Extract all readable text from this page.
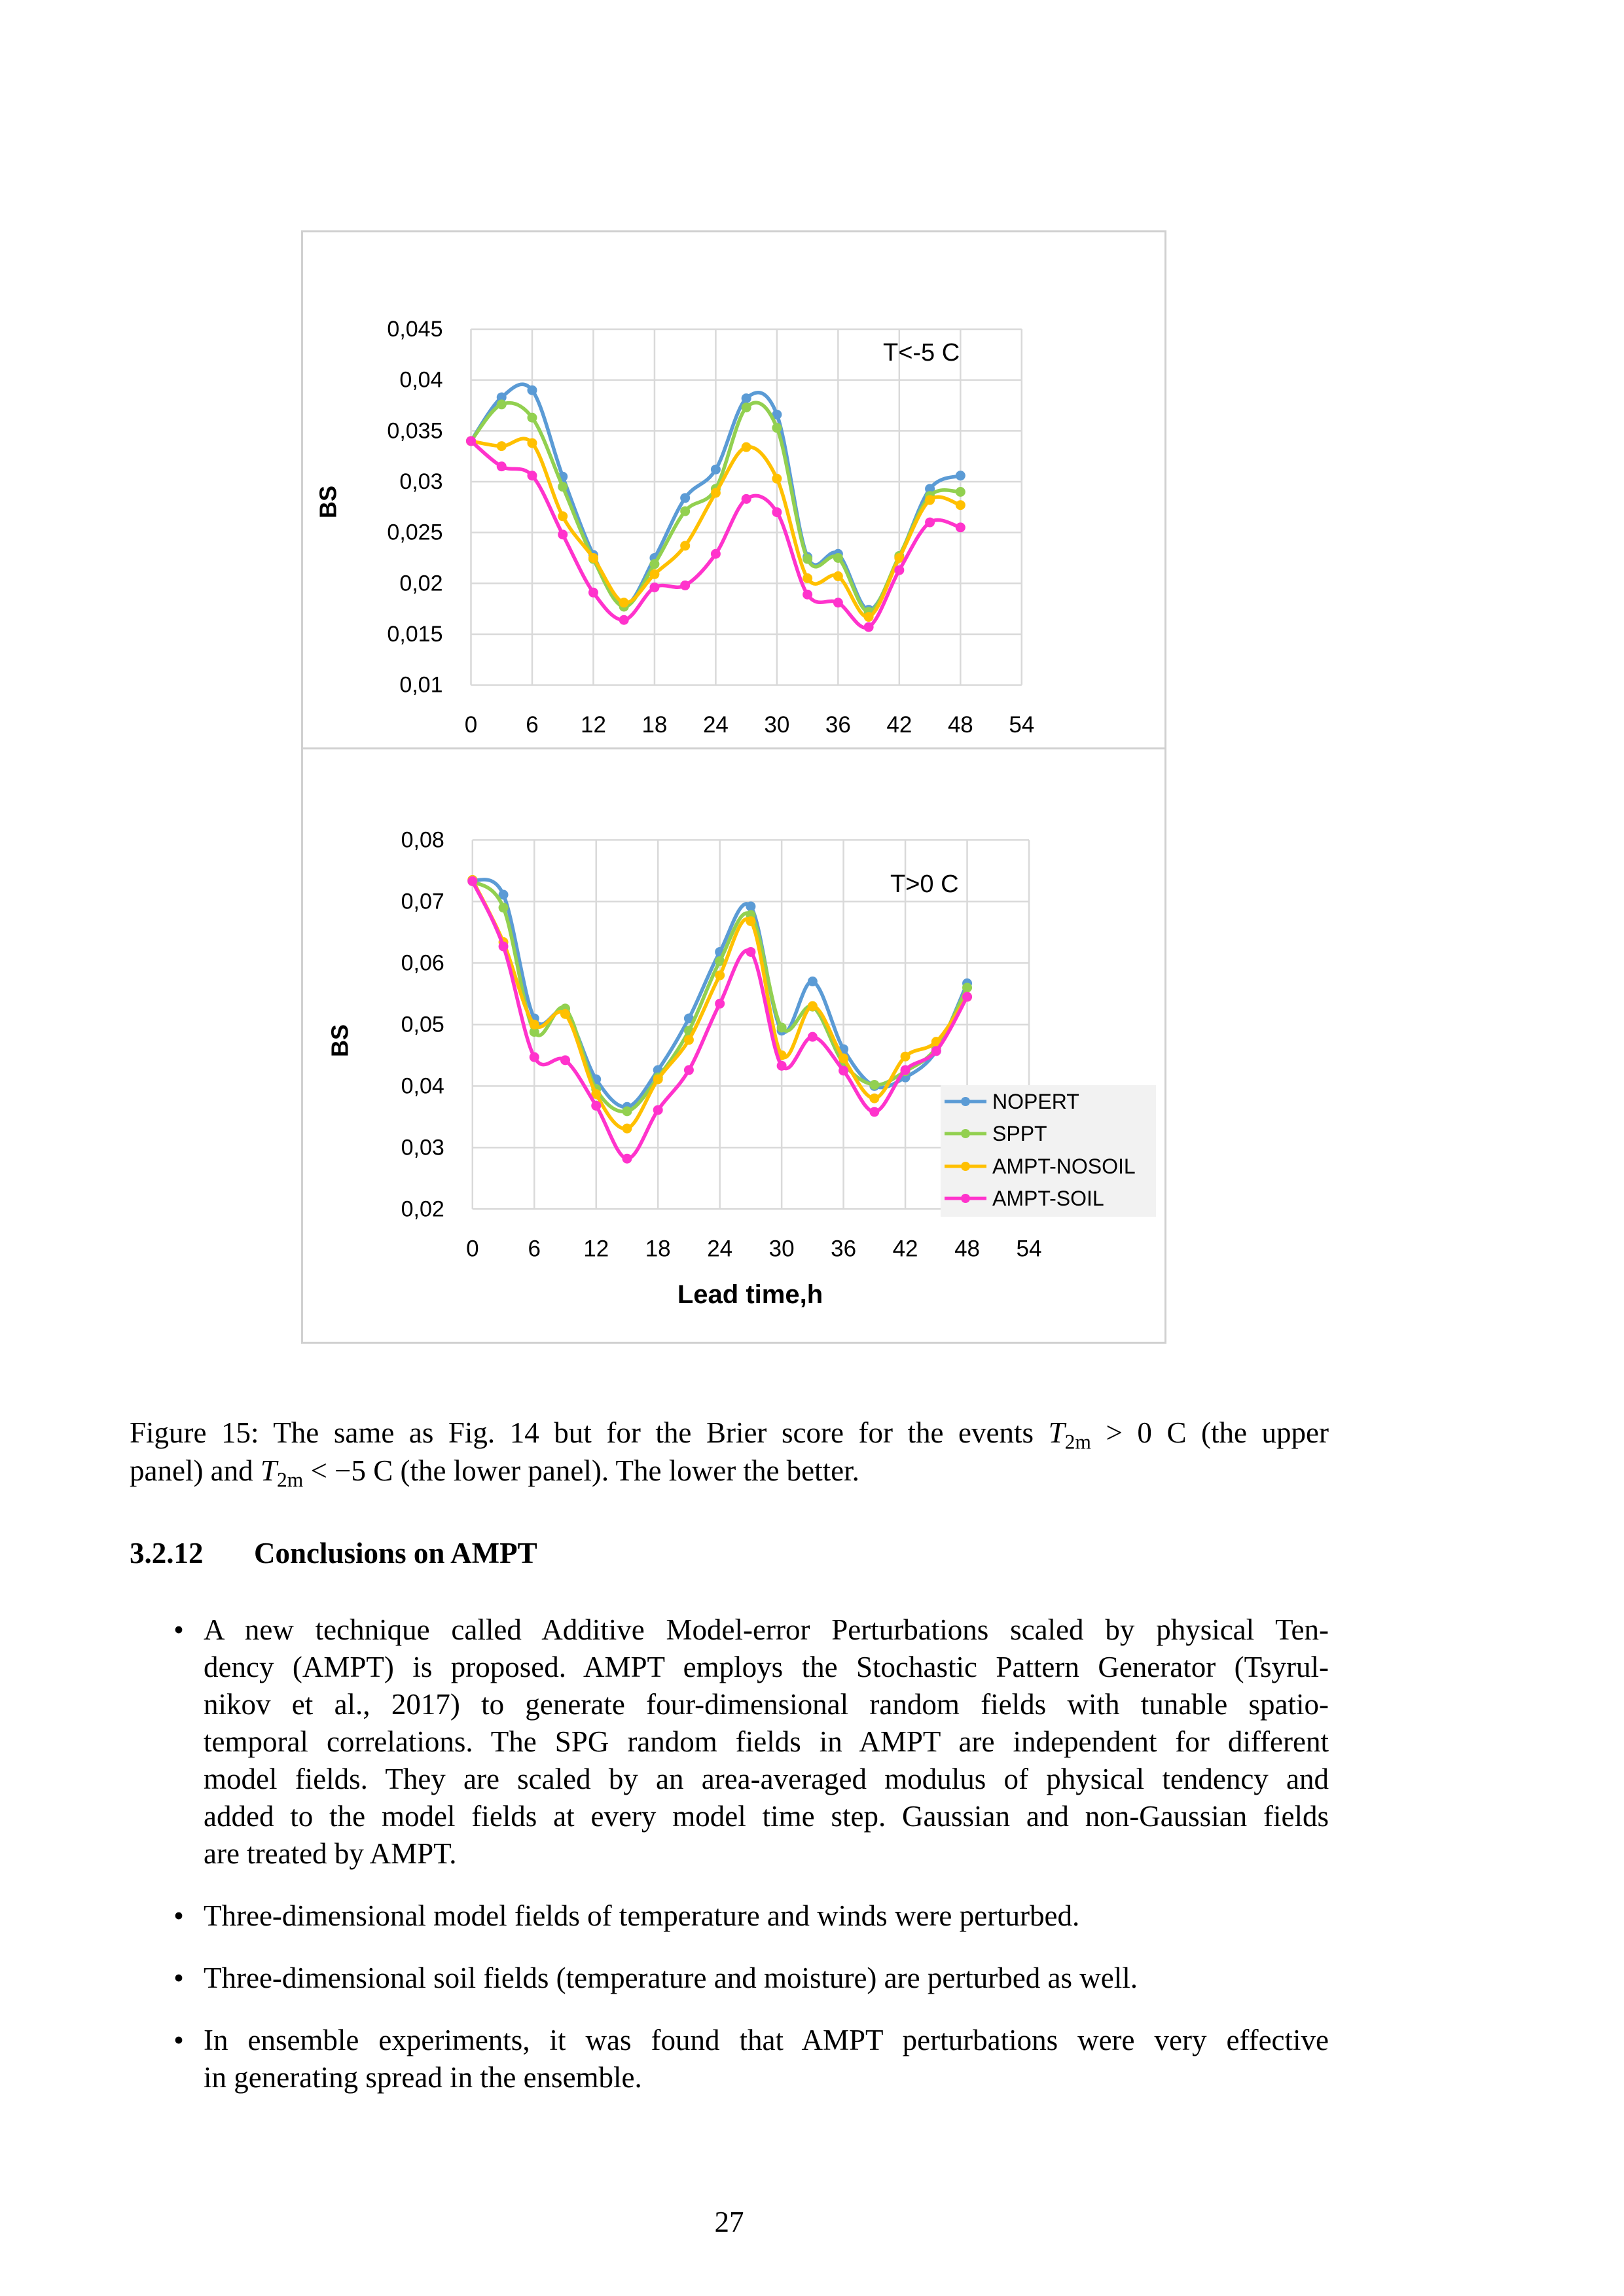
0,045
0,04
0,035
0,03
0,025
0,02
0,015
0,01
0 6 12 18 24 30 36 42 48 54
BS
T<-5 C
0,08
0,07
0,06
0,05
0,04
0,03
0,02
0 6 12 18 24 30 36 42 48 54
BS
T>0 C
Lead time,h
NOPERT
SPPT
AMPT-NOSOIL
AMPT-SOIL
Figure 15: The same as Fig. 14 but for the Brier score for the events $T_{2m} > 0$ C (the upper
panel) and $T_{2m} < -5$ C (the lower panel). The lower the better.
3.2.12 Conclusions on AMPT
•
A new technique called Additive Model-error Perturbations scaled by physical Ten-
dency (AMPT) is proposed. AMPT employs the Stochastic Pattern Generator (Tsyrul-
nikov et al., 2017) to generate four-dimensional random fields with tunable spatio-
temporal correlations. The SPG random fields in AMPT are independent for different
model fields. They are scaled by an area-averaged modulus of physical tendency and
added to the model fields at every model time step. Gaussian and non-Gaussian fields
are treated by AMPT.
•
Three-dimensional model fields of temperature and winds were perturbed.
•
Three-dimensional soil fields (temperature and moisture) are perturbed as well.
•
In ensemble experiments, it was found that AMPT perturbations were very effective
in generating spread in the ensemble.
27
